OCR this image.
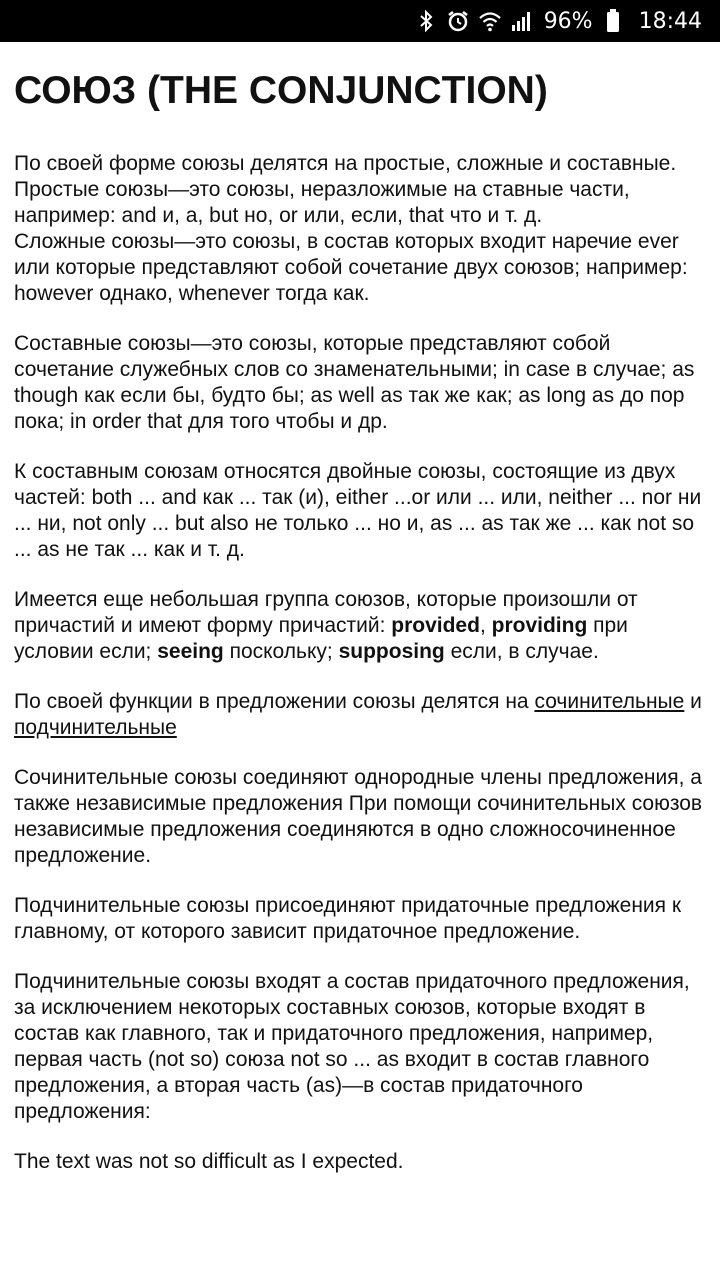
96% 18:44
СОЮЗ (THE CONJUNCTION)

По своей форме союзы делятся на простые, сложные и составные.
Простые союзы—это союзы, неразложимые на ставные части, например: and и, a, but но, or или, если, that что и т. д.
Сложные союзы—это союзы, в состав которых входит наречие ever или которые представляют собой сочетание двух союзов; например: however однако, whenever тогда как.

Составные союзы—это союзы, которые представляют собой сочетание служебных слов со знаменательными; in case в случае; as though как если бы, будто бы; as well as так же как; as long as до пор пока; in order that для того чтобы и др.

К составным союзам относятся двойные союзы, состоящие из двух частей: both ... and как ... так (и), either ...or или ... или, neither ... nor ни ... ни, not only ... but also не только ... но и, as ... as так же ... как not so ... as не так ... как и т. д.

Имеется еще небольшая группа союзов, которые произошли от причастий и имеют форму причастий: provided, providing при условии если; seeing поскольку; supposing если, в случае.

По своей функции в предложении союзы делятся на сочинительные и подчинительные

Сочинительные союзы соединяют однородные члены предложения, а также независимые предложения При помощи сочинительных союзов независимые предложения соединяются в одно сложносочиненное предложение.

Подчинительные союзы присоединяют придаточные предложения к главному, от которого зависит придаточное предложение.

Подчинительные союзы входят а состав придаточного предложения, за исключением некоторых составных союзов, которые входят в состав как главного, так и придаточного предложения, например, первая часть (not so) союза not so ... as входит в состав главного предложения, а вторая часть (as)—в состав придаточного предложения:

The text was not so difficult as I expected.
